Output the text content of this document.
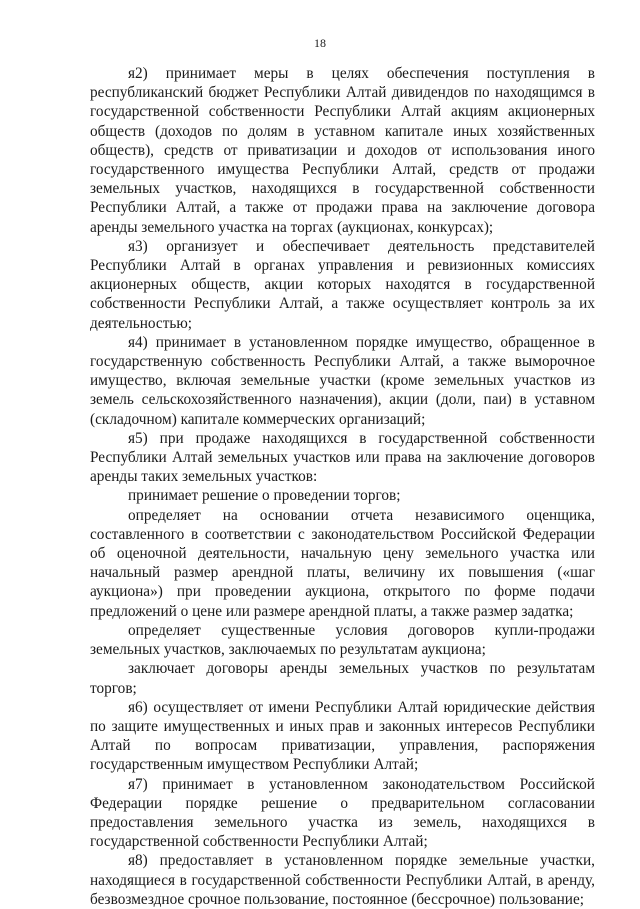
18

я2) принимает меры в целях обеспечения поступления в республиканский бюджет Республики Алтай дивидендов по находящимся в государственной собственности Республики Алтай акциям акционерных обществ (доходов по долям в уставном капитале иных хозяйственных обществ), средств от приватизации и доходов от использования иного государственного имущества Республики Алтай, средств от продажи земельных участков, находящихся в государственной собственности Республики Алтай, а также от продажи права на заключение договора аренды земельного участка на торгах (аукционах, конкурсах);

я3) организует и обеспечивает деятельность представителей Республики Алтай в органах управления и ревизионных комиссиях акционерных обществ, акции которых находятся в государственной собственности Республики Алтай, а также осуществляет контроль за их деятельностью;

я4) принимает в установленном порядке имущество, обращенное в государственную собственность Республики Алтай, а также выморочное имущество, включая земельные участки (кроме земельных участков из земель сельскохозяйственного назначения), акции (доли, паи) в уставном (складочном) капитале коммерческих организаций;

я5) при продаже находящихся в государственной собственности Республики Алтай земельных участков или права на заключение договоров аренды таких земельных участков:

принимает решение о проведении торгов;

определяет на основании отчета независимого оценщика, составленного в соответствии с законодательством Российской Федерации об оценочной деятельности, начальную цену земельного участка или начальный размер арендной платы, величину их повышения («шаг аукциона») при проведении аукциона, открытого по форме подачи предложений о цене или размере арендной платы, а также размер задатка;

определяет существенные условия договоров купли-продажи земельных участков, заключаемых по результатам аукциона;

заключает договоры аренды земельных участков по результатам торгов;

я6) осуществляет от имени Республики Алтай юридические действия по защите имущественных и иных прав и законных интересов Республики Алтай по вопросам приватизации, управления, распоряжения государственным имуществом Республики Алтай;

я7) принимает в установленном законодательством Российской Федерации порядке решение о предварительном согласовании предоставления земельного участка из земель, находящихся в государственной собственности Республики Алтай;

я8) предоставляет в установленном порядке земельные участки, находящиеся в государственной собственности Республики Алтай, в аренду, безвозмездное срочное пользование, постоянное (бессрочное) пользование;
